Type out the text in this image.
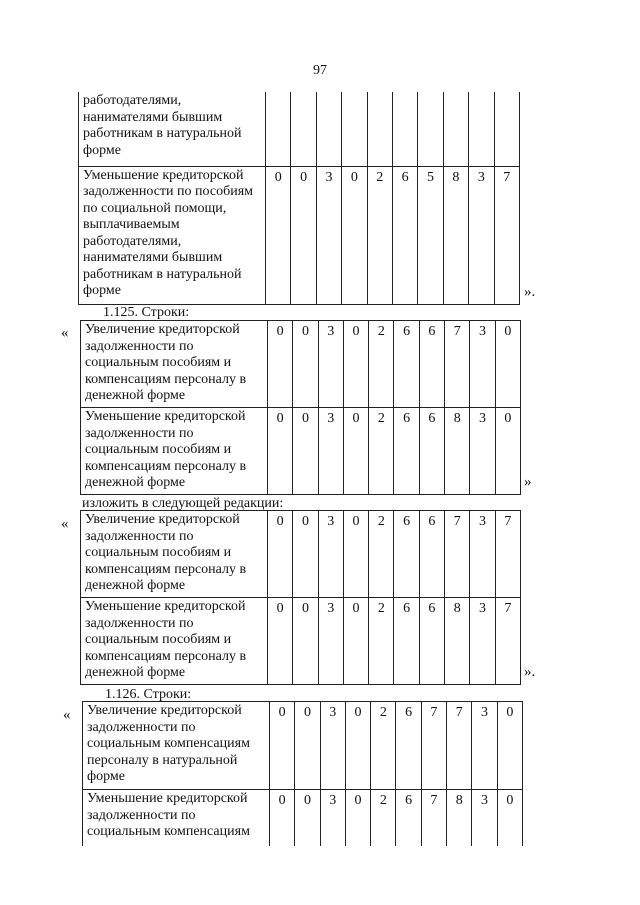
97
работодателями, нанимателями бывшим работникам в натуральной форме										
Уменьшение кредиторской задолженности по пособиям по социальной помощи, выплачиваемым работодателями, нанимателями бывшим работникам в натуральной форме	0	0	3	0	2	6	5	8	3	7
».
1.125. Строки:
« Увеличение кредиторской задолженности по социальным пособиям и компенсациям персоналу в денежной форме	0	0	3	0	2	6	6	7	3	0
Уменьшение кредиторской задолженности по социальным пособиям и компенсациям персоналу в денежной форме	0	0	3	0	2	6	6	8	3	0
»
изложить в следующей редакции:
« Увеличение кредиторской задолженности по социальным пособиям и компенсациям персоналу в денежной форме	0	0	3	0	2	6	6	7	3	7
Уменьшение кредиторской задолженности по социальным пособиям и компенсациям персоналу в денежной форме	0	0	3	0	2	6	6	8	3	7
».
1.126. Строки:
« Увеличение кредиторской задолженности по социальным компенсациям персоналу в натуральной форме	0	0	3	0	2	6	7	7	3	0
Уменьшение кредиторской задолженности по социальным компенсациям	0	0	3	0	2	6	7	8	3	0
